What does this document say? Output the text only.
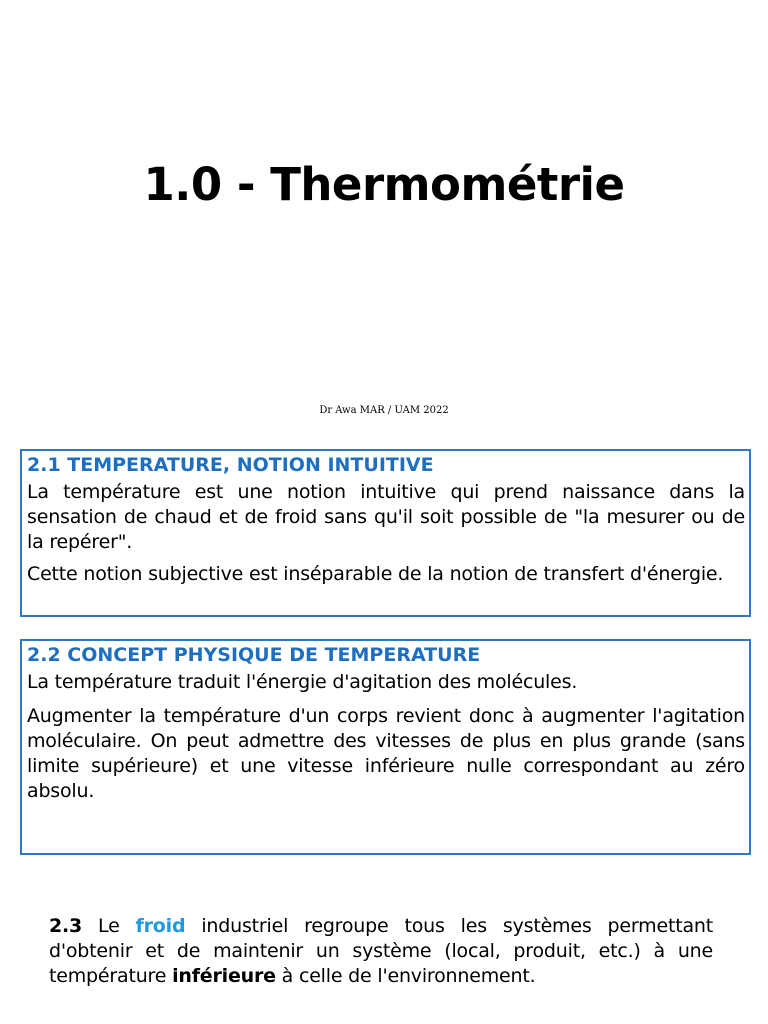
1.0 - Thermométrie
Dr Awa MAR / UAM 2022
2.1 TEMPERATURE, NOTION INTUITIVE

La température est une notion intuitive qui prend naissance dans la sensation de chaud et de froid sans qu'il soit possible de "la mesurer ou de la repérer".

Cette notion subjective est inséparable de la notion de transfert d'énergie.

2.2 CONCEPT PHYSIQUE DE TEMPERATURE

La température traduit l'énergie d'agitation des molécules.

Augmenter la température d'un corps revient donc à augmenter l'agitation moléculaire. On peut admettre des vitesses de plus en plus grande (sans limite supérieure) et une vitesse inférieure nulle correspondant au zéro absolu.

2.3 Le froid industriel regroupe tous les systèmes permettant d'obtenir et de maintenir un système (local, produit, etc.) à une température inférieure à celle de l'environnement.
